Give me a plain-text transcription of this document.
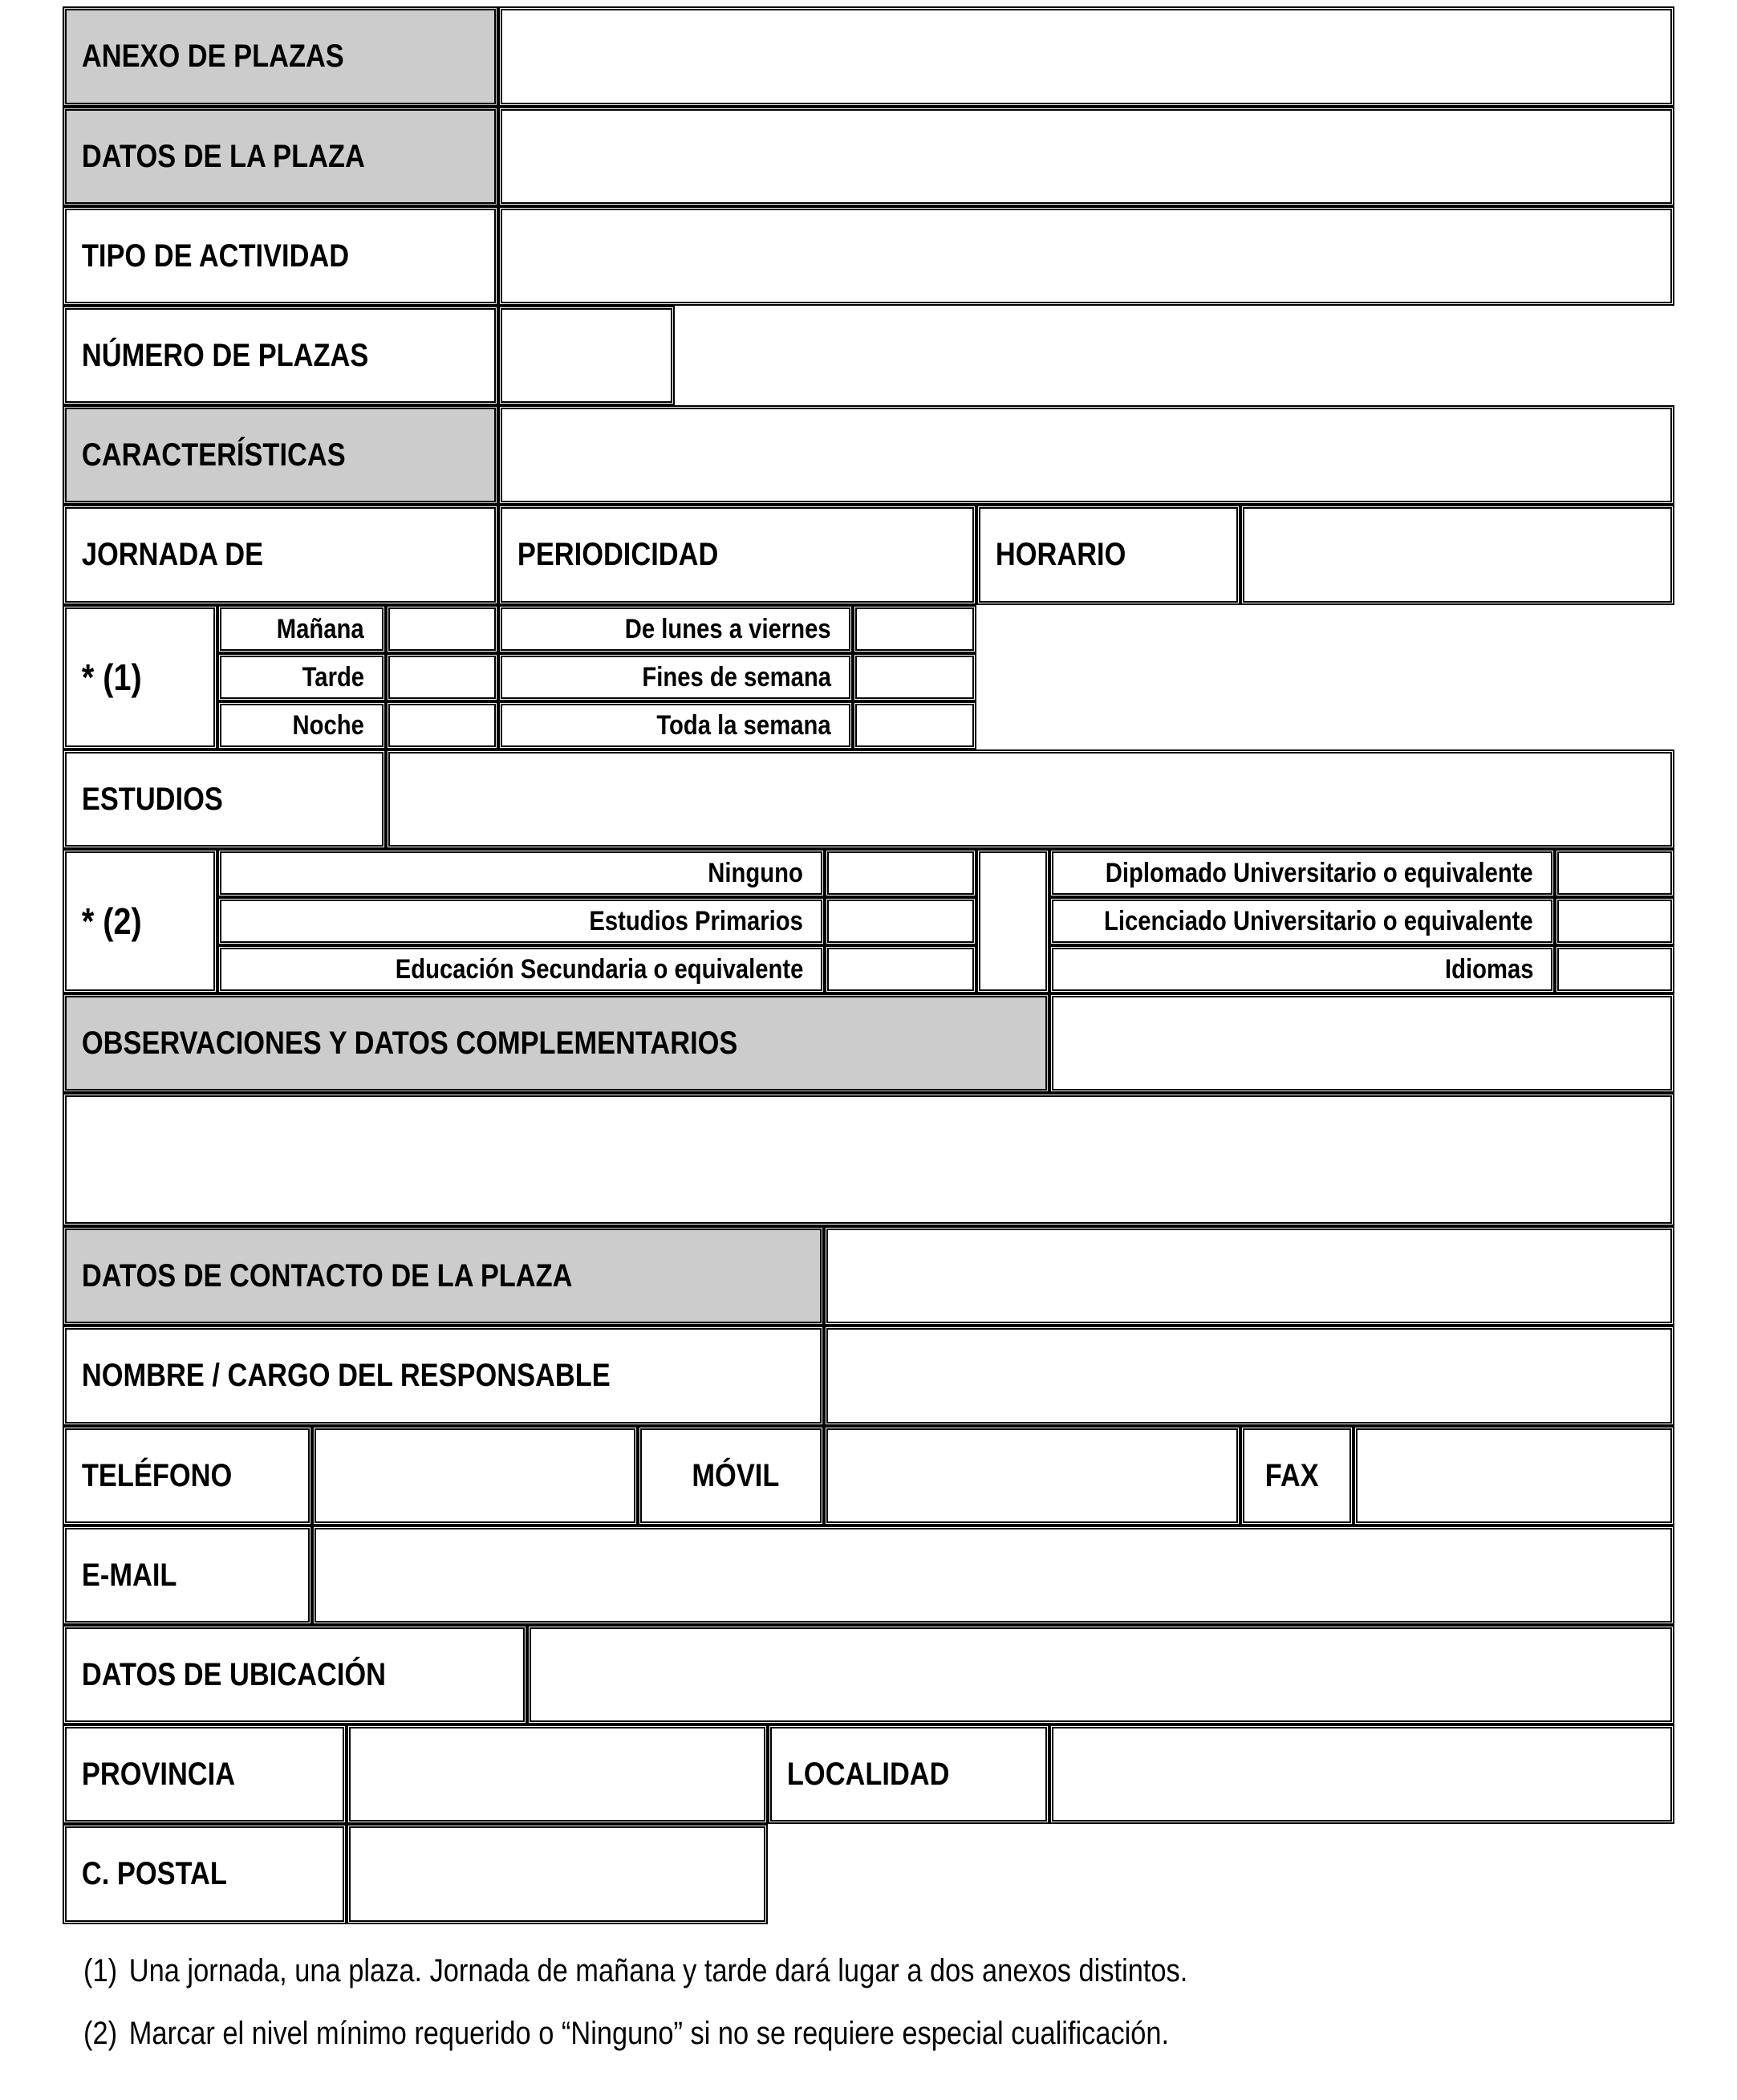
ANEXO DE PLAZAS
DATOS DE LA PLAZA
TIPO DE ACTIVIDAD
NÚMERO DE PLAZAS
CARACTERÍSTICAS
JORNADA DE	PERIODICIDAD	HORARIO
* (1)
Mañana	De lunes a viernes
Tarde	Fines de semana
Noche	Toda la semana
ESTUDIOS
* (2)
Ninguno
Estudios Primarios
Educación Secundaria o equivalente
Diplomado Universitario o equivalente
Licenciado Universitario o equivalente
Idiomas
OBSERVACIONES Y DATOS COMPLEMENTARIOS
DATOS DE CONTACTO DE LA PLAZA
NOMBRE / CARGO DEL RESPONSABLE
TELÉFONO	MÓVIL	FAX
E-MAIL
DATOS DE UBICACIÓN
PROVINCIA	LOCALIDAD
C. POSTAL
(1) Una jornada, una plaza. Jornada de mañana y tarde dará lugar a dos anexos distintos.
(2) Marcar el nivel mínimo requerido o “Ninguno” si no se requiere especial cualificación.
